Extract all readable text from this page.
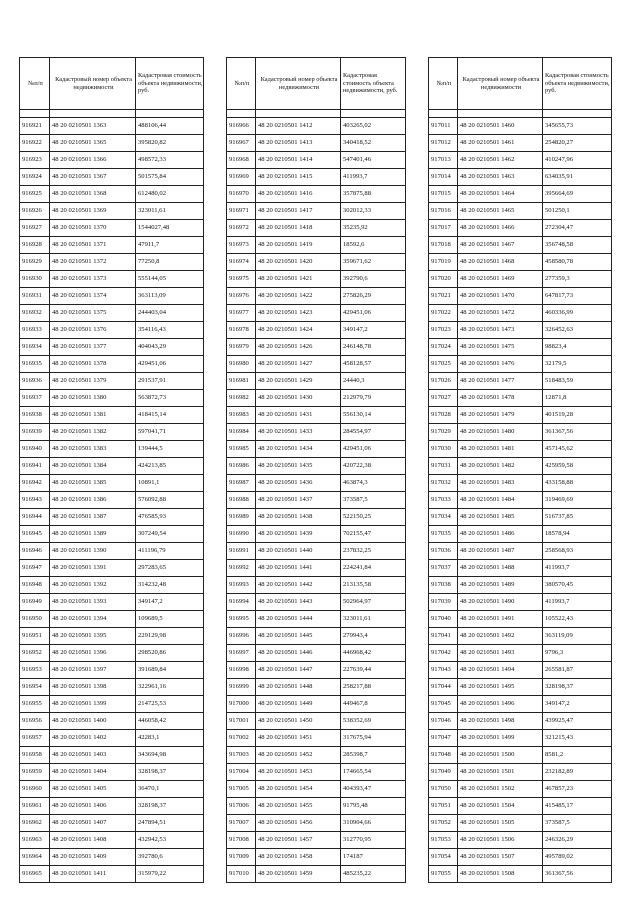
№п/п	Кадастровый номер объекта недвижимости	Кадастровая стоимость объекта недвижимости, руб.

916921	48 20 0210501 1363	488106,44
916922	48 20 0210501 1365	395820,82
916923	48 20 0210501 1366	498572,33
916924	48 20 0210501 1367	501575,84
916925	48 20 0210501 1368	612480,02
916926	48 20 0210501 1369	323011,61
916927	48 20 0210501 1370	1544027,48
916928	48 20 0210501 1371	47911,7
916929	48 20 0210501 1372	77250,8
916930	48 20 0210501 1373	555144,05
916931	48 20 0210501 1374	363113,09
916932	48 20 0210501 1375	244403,04
916933	48 20 0210501 1376	354116,43
916934	48 20 0210501 1377	404043,29
916935	48 20 0210501 1378	429451,06
916936	48 20 0210501 1379	291537,91
916937	48 20 0210501 1380	563872,73
916938	48 20 0210501 1381	418415,14
916939	48 20 0210501 1382	597041,71
916940	48 20 0210501 1383	139444,5
916941	48 20 0210501 1384	424213,85
916942	48 20 0210501 1385	10891,1
916943	48 20 0210501 1386	576092,88
916944	48 20 0210501 1387	476585,93
916945	48 20 0210501 1389	307249,54
916946	48 20 0210501 1390	411196,79
916947	48 20 0210501 1391	297283,65
916948	48 20 0210501 1392	314232,48
916949	48 20 0210501 1393	349147,2
916950	48 20 0210501 1394	109689,5
916951	48 20 0210501 1395	229129,98
916952	48 20 0210501 1396	298520,86
916953	48 20 0210501 1397	391689,84
916954	48 20 0210501 1398	322961,16
916955	48 20 0210501 1399	214725,53
916956	48 20 0210501 1400	446058,42
916957	48 20 0210501 1402	42283,1
916958	48 20 0210501 1403	343694,98
916959	48 20 0210501 1404	328198,37
916960	48 20 0210501 1405	36470,1
916961	48 20 0210501 1406	328198,37
916962	48 20 0210501 1407	247894,51
916963	48 20 0210501 1408	432942,53
916964	48 20 0210501 1409	392780,6
916965	48 20 0210501 1411	315979,22
№п/п	Кадастровый номер объекта недвижимости	Кадастровая стоимость объекта недвижимости, руб.

916966	48 20 0210501 1412	403265,02
916967	48 20 0210501 1413	340418,52
916968	48 20 0210501 1414	547401,46
916969	48 20 0210501 1415	411993,7
916970	48 20 0210501 1416	357875,88
916971	48 20 0210501 1417	302012,33
916972	48 20 0210501 1418	35235,92
916973	48 20 0210501 1419	18592,6
916974	48 20 0210501 1420	359671,62
916975	48 20 0210501 1421	392790,6
916976	48 20 0210501 1422	275826,29
916977	48 20 0210501 1423	429451,06
916978	48 20 0210501 1424	349147,2
916979	48 20 0210501 1426	246148,78
916980	48 20 0210501 1427	458128,57
916981	48 20 0210501 1429	24440,3
916982	48 20 0210501 1430	212979,79
916983	48 20 0210501 1431	556130,14
916984	48 20 0210501 1433	284554,97
916985	48 20 0210501 1434	429451,06
916986	48 20 0210501 1435	420722,38
916987	48 20 0210501 1436	463874,3
916988	48 20 0210501 1437	373587,5
916989	48 20 0210501 1438	522150,25
916990	48 20 0210501 1439	702155,47
916991	48 20 0210501 1440	237832,25
916992	48 20 0210501 1441	224241,84
916993	48 20 0210501 1442	213135,58
916994	48 20 0210501 1443	502964,97
916995	48 20 0210501 1444	323011,61
916996	48 20 0210501 1445	279943,4
916997	48 20 0210501 1446	446968,42
916998	48 20 0210501 1447	227639,44
916999	48 20 0210501 1448	258217,88
917000	48 20 0210501 1449	449467,8
917001	48 20 0210501 1450	538352,69
917002	48 20 0210501 1451	317675,94
917003	48 20 0210501 1452	285398,7
917004	48 20 0210501 1453	174665,54
917005	48 20 0210501 1454	404393,47
917006	48 20 0210501 1455	91795,48
917007	48 20 0210501 1456	310904,66
917008	48 20 0210501 1457	312770,95
917009	48 20 0210501 1458	174187
917010	48 20 0210501 1459	485235,22
№п/п	Кадастровый номер объекта недвижимости	Кадастровая стоимость объекта недвижимости, руб.

917011	48 20 0210501 1460	345655,73
917012	48 20 0210501 1461	254820,27
917013	48 20 0210501 1462	410247,96
917014	48 20 0210501 1463	634035,91
917015	48 20 0210501 1464	395664,69
917016	48 20 0210501 1465	501250,1
917017	48 20 0210501 1466	272304,47
917018	48 20 0210501 1467	356748,58
917019	48 20 0210501 1468	458580,78
917020	48 20 0210501 1469	277359,3
917021	48 20 0210501 1470	647817,73
917022	48 20 0210501 1472	460336,99
917023	48 20 0210501 1473	326452,63
917024	48 20 0210501 1475	98823,4
917025	48 20 0210501 1476	32179,5
917026	48 20 0210501 1477	518483,59
917027	48 20 0210501 1478	12871,8
917028	48 20 0210501 1479	401519,28
917029	48 20 0210501 1480	361367,56
917030	48 20 0210501 1481	457145,62
917031	48 20 0210501 1482	425959,58
917032	48 20 0210501 1483	433158,88
917033	48 20 0210501 1484	319469,69
917034	48 20 0210501 1485	516737,85
917035	48 20 0210501 1486	18578,94
917036	48 20 0210501 1487	258568,93
917037	48 20 0210501 1488	411993,7
917038	48 20 0210501 1489	380570,45
917039	48 20 0210501 1490	411993,7
917040	48 20 0210501 1491	105522,43
917041	48 20 0210501 1492	363119,09
917042	48 20 0210501 1493	9796,3
917043	48 20 0210501 1494	265581,87
917044	48 20 0210501 1495	328198,37
917045	48 20 0210501 1496	349147,2
917046	48 20 0210501 1498	439925,47
917047	48 20 0210501 1499	321215,43
917048	48 20 0210501 1500	8581,2
917049	48 20 0210501 1501	232182,89
917050	48 20 0210501 1502	467857,23
917051	48 20 0210501 1504	415485,17
917052	48 20 0210501 1505	373587,5
917053	48 20 0210501 1506	246326,29
917054	48 20 0210501 1507	495789,02
917055	48 20 0210501 1508	361367,56
